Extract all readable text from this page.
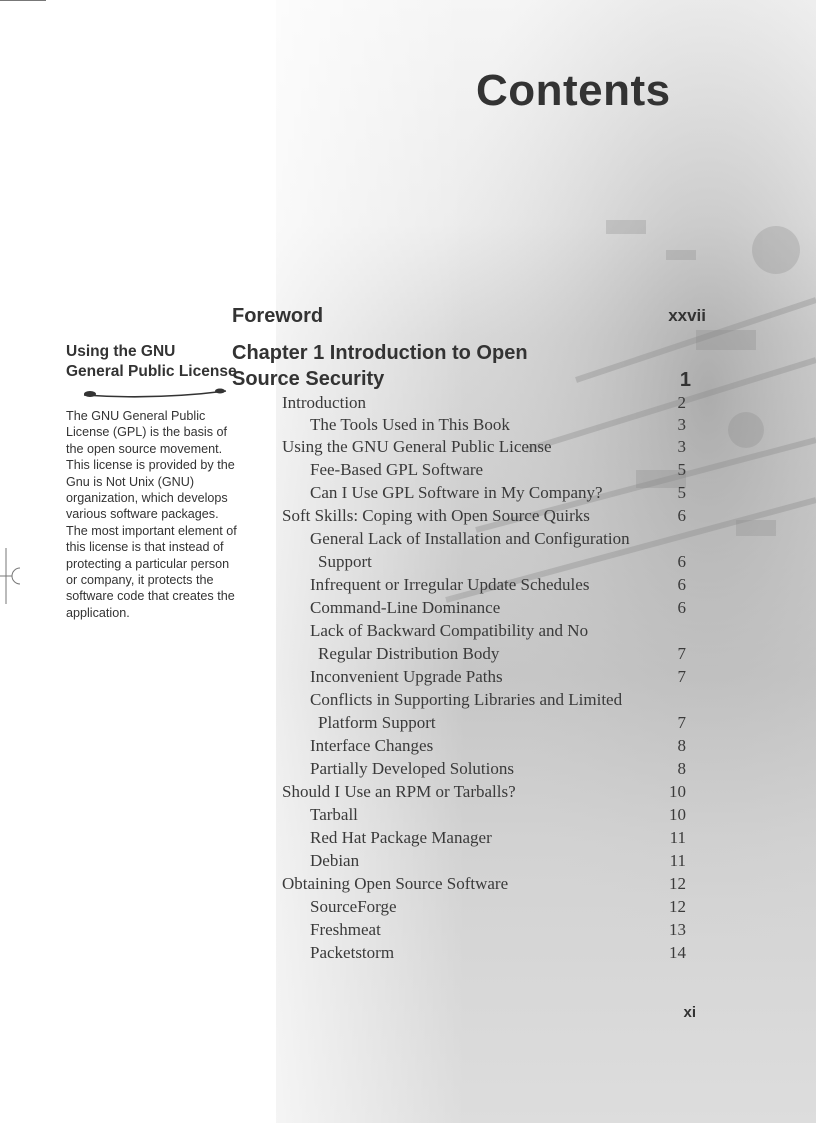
Contents
Using the GNU
General Public License
The GNU General Public License (GPL) is the basis of the open source movement. This license is provided by the Gnu is Not Unix (GNU) organization, which develops various software packages. The most important element of this license is that instead of protecting a particular person or company, it protects the software code that creates the application.
Foreword	xxvii
Chapter 1 Introduction to Open
Source Security	1
Introduction	2
The Tools Used in This Book	3
Using the GNU General Public License	3
Fee-Based GPL Software	5
Can I Use GPL Software in My Company?	5
Soft Skills: Coping with Open Source Quirks	6
General Lack of Installation and Configuration
Support	6
Infrequent or Irregular Update Schedules	6
Command-Line Dominance	6
Lack of Backward Compatibility and No
Regular Distribution Body	7
Inconvenient Upgrade Paths	7
Conflicts in Supporting Libraries and Limited
Platform Support	7
Interface Changes	8
Partially Developed Solutions	8
Should I Use an RPM or Tarballs?	10
Tarball	10
Red Hat Package Manager	11
Debian	11
Obtaining Open Source Software	12
SourceForge	12
Freshmeat	13
Packetstorm	14
xi
